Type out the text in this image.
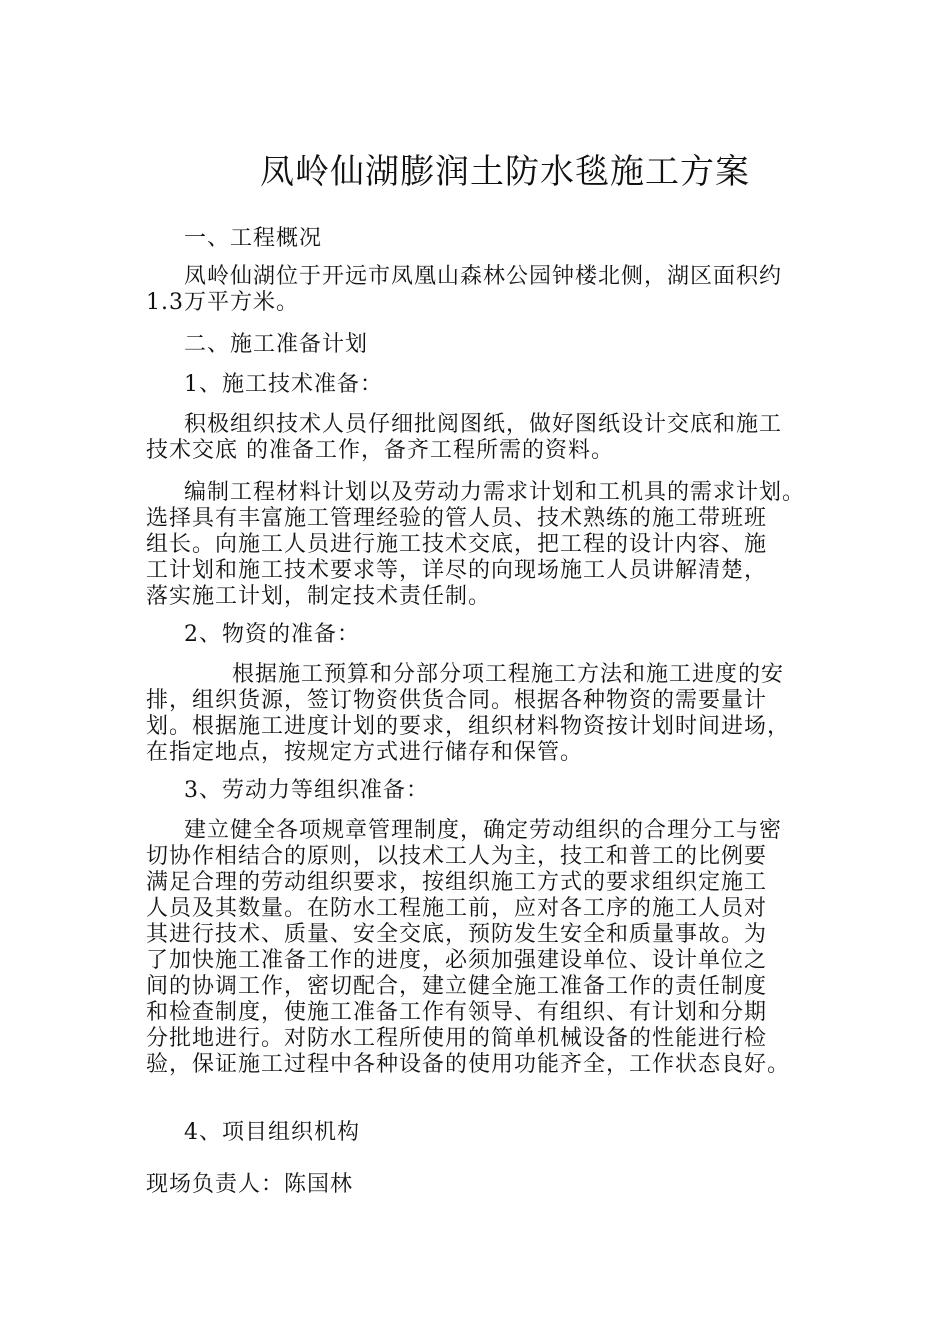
凤岭仙湖膨润土防水毯施工方案
一、工程概况
凤岭仙湖位于开远市凤凰山森林公园钟楼北侧，湖区面积约
1.3万平方米。
二、施工准备计划
1、施工技术准备：
积极组织技术人员仔细批阅图纸，做好图纸设计交底和施工
技术交底 的准备工作，备齐工程所需的资料。
编制工程材料计划以及劳动力需求计划和工机具的需求计划。
选择具有丰富施工管理经验的管人员、技术熟练的施工带班班
组长。向施工人员进行施工技术交底，把工程的设计内容、施
工计划和施工技术要求等，详尽的向现场施工人员讲解清楚，
落实施工计划，制定技术责任制。
2、物资的准备：
根据施工预算和分部分项工程施工方法和施工进度的安
排，组织货源，签订物资供货合同。根据各种物资的需要量计
划。根据施工进度计划的要求，组织材料物资按计划时间进场，
在指定地点，按规定方式进行储存和保管。
3、劳动力等组织准备：
建立健全各项规章管理制度，确定劳动组织的合理分工与密
切协作相结合的原则，以技术工人为主，技工和普工的比例要
满足合理的劳动组织要求，按组织施工方式的要求组织定施工
人员及其数量。在防水工程施工前，应对各工序的施工人员对
其进行技术、质量、安全交底，预防发生安全和质量事故。为
了加快施工准备工作的进度，必须加强建设单位、设计单位之
间的协调工作，密切配合，建立健全施工准备工作的责任制度
和检查制度，使施工准备工作有领导、有组织、有计划和分期
分批地进行。对防水工程所使用的简单机械设备的性能进行检
验，保证施工过程中各种设备的使用功能齐全，工作状态良好。
4、项目组织机构
现场负责人：陈国林
